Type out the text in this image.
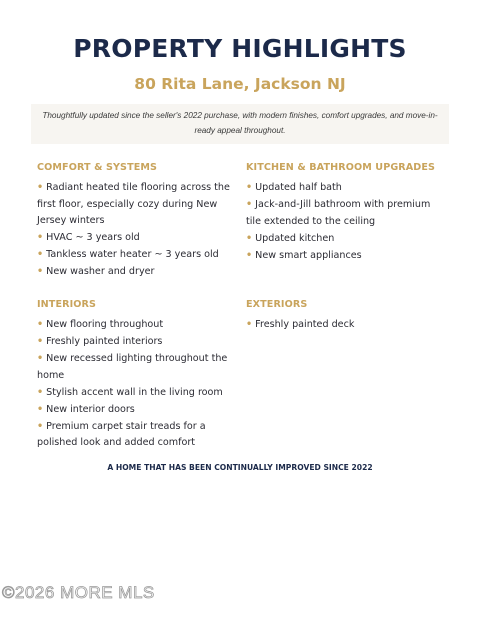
PROPERTY HIGHLIGHTS
80 Rita Lane, Jackson NJ

Thoughtfully updated since the seller's 2022 purchase, with modern finishes, comfort upgrades, and move-in-ready appeal throughout.

COMFORT & SYSTEMS
• Radiant heated tile flooring across the first floor, especially cozy during New Jersey winters
• HVAC ~ 3 years old
• Tankless water heater ~ 3 years old
• New washer and dryer
KITCHEN & BATHROOM UPGRADES
• Updated half bath
• Jack-and-Jill bathroom with premium tile extended to the ceiling
• Updated kitchen
• New smart appliances
INTERIORS
• New flooring throughout
• Freshly painted interiors
• New recessed lighting throughout the home
• Stylish accent wall in the living room
• New interior doors
• Premium carpet stair treads for a polished look and added comfort
EXTERIORS
• Freshly painted deck
A HOME THAT HAS BEEN CONTINUALLY IMPROVED SINCE 2022
©2026 MORE MLS
